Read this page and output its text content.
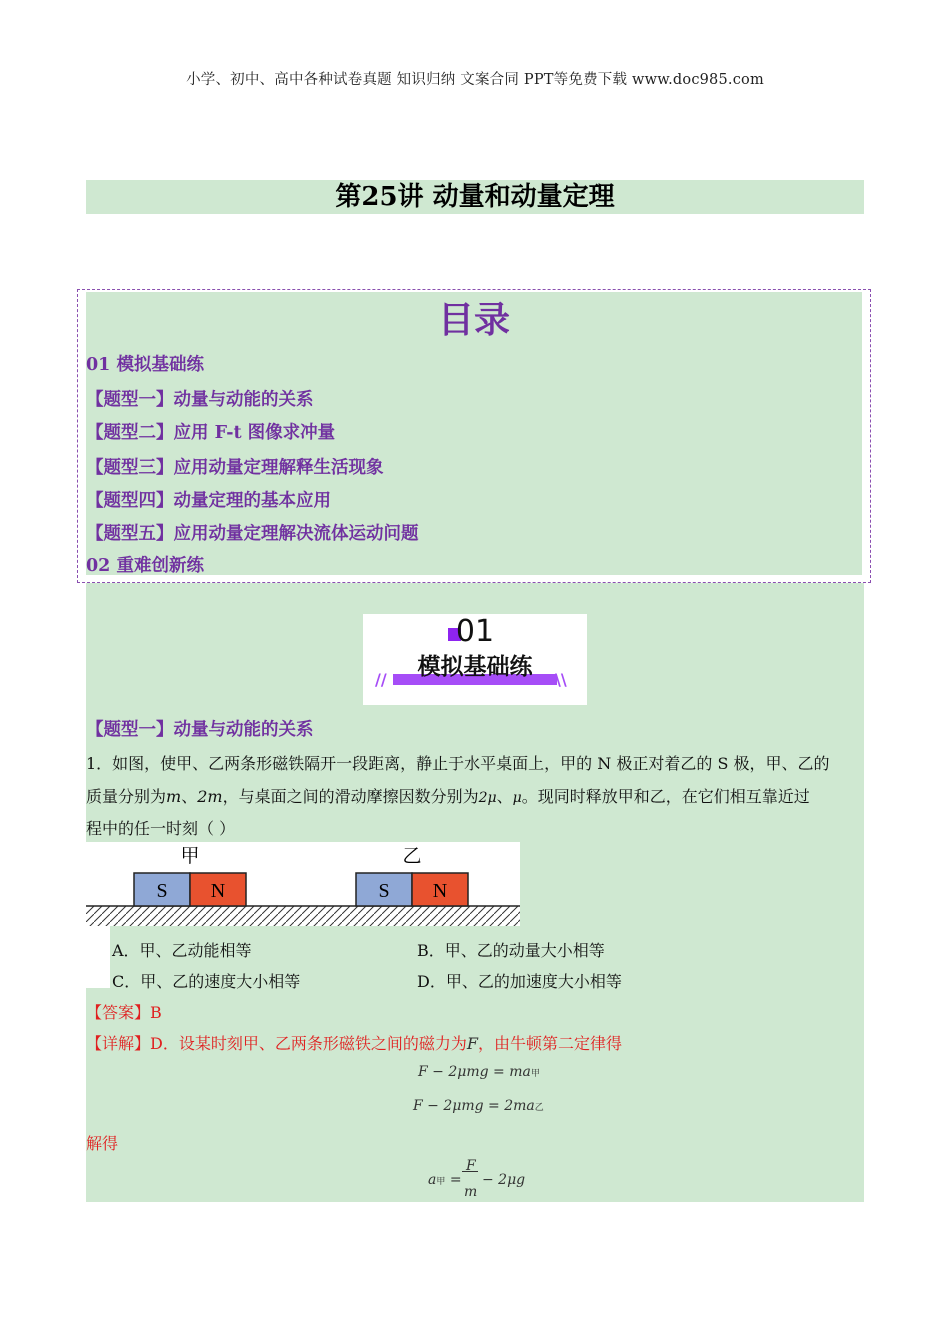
小学、初中、高中各种试卷真题 知识归纳 文案合同 PPT等免费下载 www.doc985.com
第25讲 动量和动量定理
目录
01 模拟基础练
【题型一】动量与动能的关系
【题型二】应用 F-t 图像求冲量
【题型三】应用动量定理解释生活现象
【题型四】动量定理的基本应用
【题型五】应用动量定理解决流体运动问题
02 重难创新练
01
模拟基础练
//	\\
【题型一】动量与动能的关系
1．如图，使甲、乙两条形磁铁隔开一段距离，静止于水平桌面上，甲的 N 极正对着乙的 S 极，甲、乙的
质量分别为m、2m，与桌面之间的滑动摩擦因数分别为2μ、μ。现同时释放甲和乙，在它们相互靠近过
程中的任一时刻（ ）
S N
甲
S N
乙
A．甲、乙动能相等	B．甲、乙的动量大小相等
C．甲、乙的速度大小相等	D．甲、乙的加速度大小相等
【答案】B
【详解】D．设某时刻甲、乙两条形磁铁之间的磁力为F，由牛顿第二定律得
F − 2μmg = ma甲
F − 2μmg = 2ma乙
解得
a甲 =
F
m
− 2μg
